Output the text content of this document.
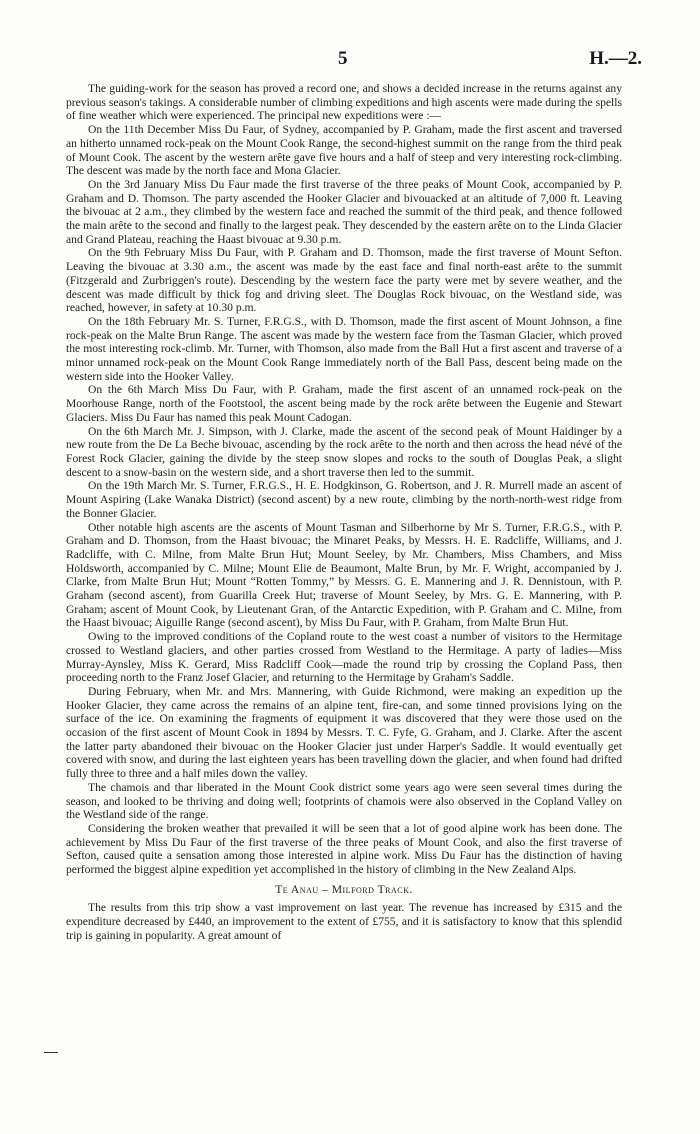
5	H.—2.

The guiding-work for the season has proved a record one, and shows a decided increase in the returns against any previous season's takings. A considerable number of climbing expeditions and high ascents were made during the spells of fine weather which were experienced. The principal new expeditions were :—

On the 11th December Miss Du Faur, of Sydney, accompanied by P. Graham, made the first ascent and traversed an hitherto unnamed rock-peak on the Mount Cook Range, the second-highest summit on the range from the third peak of Mount Cook. The ascent by the western arête gave five hours and a half of steep and very interesting rock-climbing. The descent was made by the north face and Mona Glacier.

On the 3rd January Miss Du Faur made the first traverse of the three peaks of Mount Cook, accompanied by P. Graham and D. Thomson. The party ascended the Hooker Glacier and bivouacked at an altitude of 7,000 ft. Leaving the bivouac at 2 a.m., they climbed by the western face and reached the summit of the third peak, and thence followed the main arête to the second and finally to the largest peak. They descended by the eastern arête on to the Linda Glacier and Grand Plateau, reaching the Haast bivouac at 9.30 p.m.

On the 9th February Miss Du Faur, with P. Graham and D. Thomson, made the first traverse of Mount Sefton. Leaving the bivouac at 3.30 a.m., the ascent was made by the east face and final north-east arête to the summit (Fitzgerald and Zurbriggen's route). Descending by the western face the party were met by severe weather, and the descent was made difficult by thick fog and driving sleet. The Douglas Rock bivouac, on the Westland side, was reached, however, in safety at 10.30 p.m.

On the 18th February Mr. S. Turner, F.R.G.S., with D. Thomson, made the first ascent of Mount Johnson, a fine rock-peak on the Malte Brun Range. The ascent was made by the western face from the Tasman Glacier, which proved the most interesting rock-climb. Mr. Turner, with Thomson, also made from the Ball Hut a first ascent and traverse of a minor unnamed rock-peak on the Mount Cook Range immediately north of the Ball Pass, descent being made on the western side into the Hooker Valley.

On the 6th March Miss Du Faur, with P. Graham, made the first ascent of an unnamed rock-peak on the Moorhouse Range, north of the Footstool, the ascent being made by the rock arête between the Eugenie and Stewart Glaciers. Miss Du Faur has named this peak Mount Cadogan.

On the 6th March Mr. J. Simpson, with J. Clarke, made the ascent of the second peak of Mount Haidinger by a new route from the De La Beche bivouac, ascending by the rock arête to the north and then across the head névé of the Forest Rock Glacier, gaining the divide by the steep snow slopes and rocks to the south of Douglas Peak, a slight descent to a snow-basin on the western side, and a short traverse then led to the summit.

On the 19th March Mr. S. Turner, F.R.G.S., H. E. Hodgkinson, G. Robertson, and J. R. Murrell made an ascent of Mount Aspiring (Lake Wanaka District) (second ascent) by a new route, climbing by the north-north-west ridge from the Bonner Glacier.

Other notable high ascents are the ascents of Mount Tasman and Silberhorne by Mr S. Turner, F.R.G.S., with P. Graham and D. Thomson, from the Haast bivouac; the Minaret Peaks, by Messrs. H. E. Radcliffe, Williams, and J. Radcliffe, with C. Milne, from Malte Brun Hut; Mount Seeley, by Mr. Chambers, Miss Chambers, and Miss Holdsworth, accompanied by C. Milne; Mount Elie de Beaumont, Malte Brun, by Mr. F. Wright, accompanied by J. Clarke, from Malte Brun Hut; Mount “Rotten Tommy,” by Messrs. G. E. Mannering and J. R. Dennistoun, with P. Graham (second ascent), from Guarilla Creek Hut; traverse of Mount Seeley, by Mrs. G. E. Mannering, with P. Graham; ascent of Mount Cook, by Lieutenant Gran, of the Antarctic Expedition, with P. Graham and C. Milne, from the Haast bivouac; Aiguille Range (second ascent), by Miss Du Faur, with P. Graham, from Malte Brun Hut.

Owing to the improved conditions of the Copland route to the west coast a number of visitors to the Hermitage crossed to Westland glaciers, and other parties crossed from Westland to the Hermitage. A party of ladies—Miss Murray-Aynsley, Miss K. Gerard, Miss Radcliff Cook—made the round trip by crossing the Copland Pass, then proceeding north to the Franz Josef Glacier, and returning to the Hermitage by Graham's Saddle.

During February, when Mr. and Mrs. Mannering, with Guide Richmond, were making an expedition up the Hooker Glacier, they came across the remains of an alpine tent, fire-can, and some tinned provisions lying on the surface of the ice. On examining the fragments of equipment it was discovered that they were those used on the occasion of the first ascent of Mount Cook in 1894 by Messrs. T. C. Fyfe, G. Graham, and J. Clarke. After the ascent the latter party abandoned their bivouac on the Hooker Glacier just under Harper's Saddle. It would eventually get covered with snow, and during the last eighteen years has been travelling down the glacier, and when found had drifted fully three to three and a half miles down the valley.

The chamois and thar liberated in the Mount Cook district some years ago were seen several times during the season, and looked to be thriving and doing well; footprints of chamois were also observed in the Copland Valley on the Westland side of the range.

Considering the broken weather that prevailed it will be seen that a lot of good alpine work has been done. The achievement by Miss Du Faur of the first traverse of the three peaks of Mount Cook, and also the first traverse of Sefton, caused quite a sensation among those interested in alpine work. Miss Du Faur has the distinction of having performed the biggest alpine expedition yet accomplished in the history of climbing in the New Zealand Alps.

Te Anau – Milford Track.

The results from this trip show a vast improvement on last year. The revenue has increased by £315 and the expenditure decreased by £440, an improvement to the extent of £755, and it is satisfactory to know that this splendid trip is gaining in popularity. A great amount of
